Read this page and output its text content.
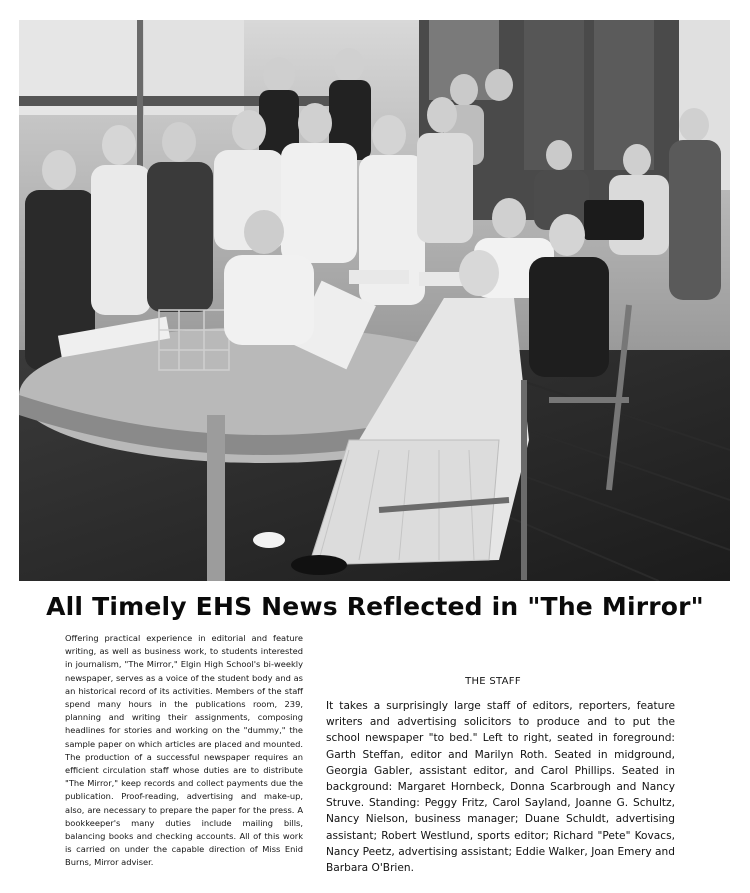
All Timely EHS News Reflected in "The Mirror"
Offering practical experience in editorial and feature writing, as well as business work, to students interested in journalism, "The Mirror," Elgin High School's bi-weekly newspaper, serves as a voice of the student body and as an historical record of its activities. Members of the staff spend many hours in the publications room, 239, planning and writing their assignments, composing headlines for stories and working on the "dummy," the sample paper on which articles are placed and mounted. The production of a successful newspaper requires an efficient circulation staff whose duties are to distribute "The Mirror," keep records and collect payments due the publication. Proof-reading, advertising and make-up, also, are necessary to prepare the paper for the press. A bookkeeper's many duties include mailing bills, balancing books and checking accounts. All of this work is carried on under the capable direction of Miss Enid Burns, Mirror adviser.
THE STAFF
It takes a surprisingly large staff of editors, reporters, feature writers and advertising solicitors to produce and to put the school newspaper "to bed." Left to right, seated in foreground: Garth Steffan, editor and Marilyn Roth. Seated in midground, Georgia Gabler, assistant editor, and Carol Phillips. Seated in background: Margaret Hornbeck, Donna Scarbrough and Nancy Struve. Standing: Peggy Fritz, Carol Sayland, Joanne G. Schultz, Nancy Nielson, business manager; Duane Schuldt, advertising assistant; Robert Westlund, sports editor; Richard "Pete" Kovacs, Nancy Peetz, advertising assistant; Eddie Walker, Joan Emery and Barbara O'Brien.
